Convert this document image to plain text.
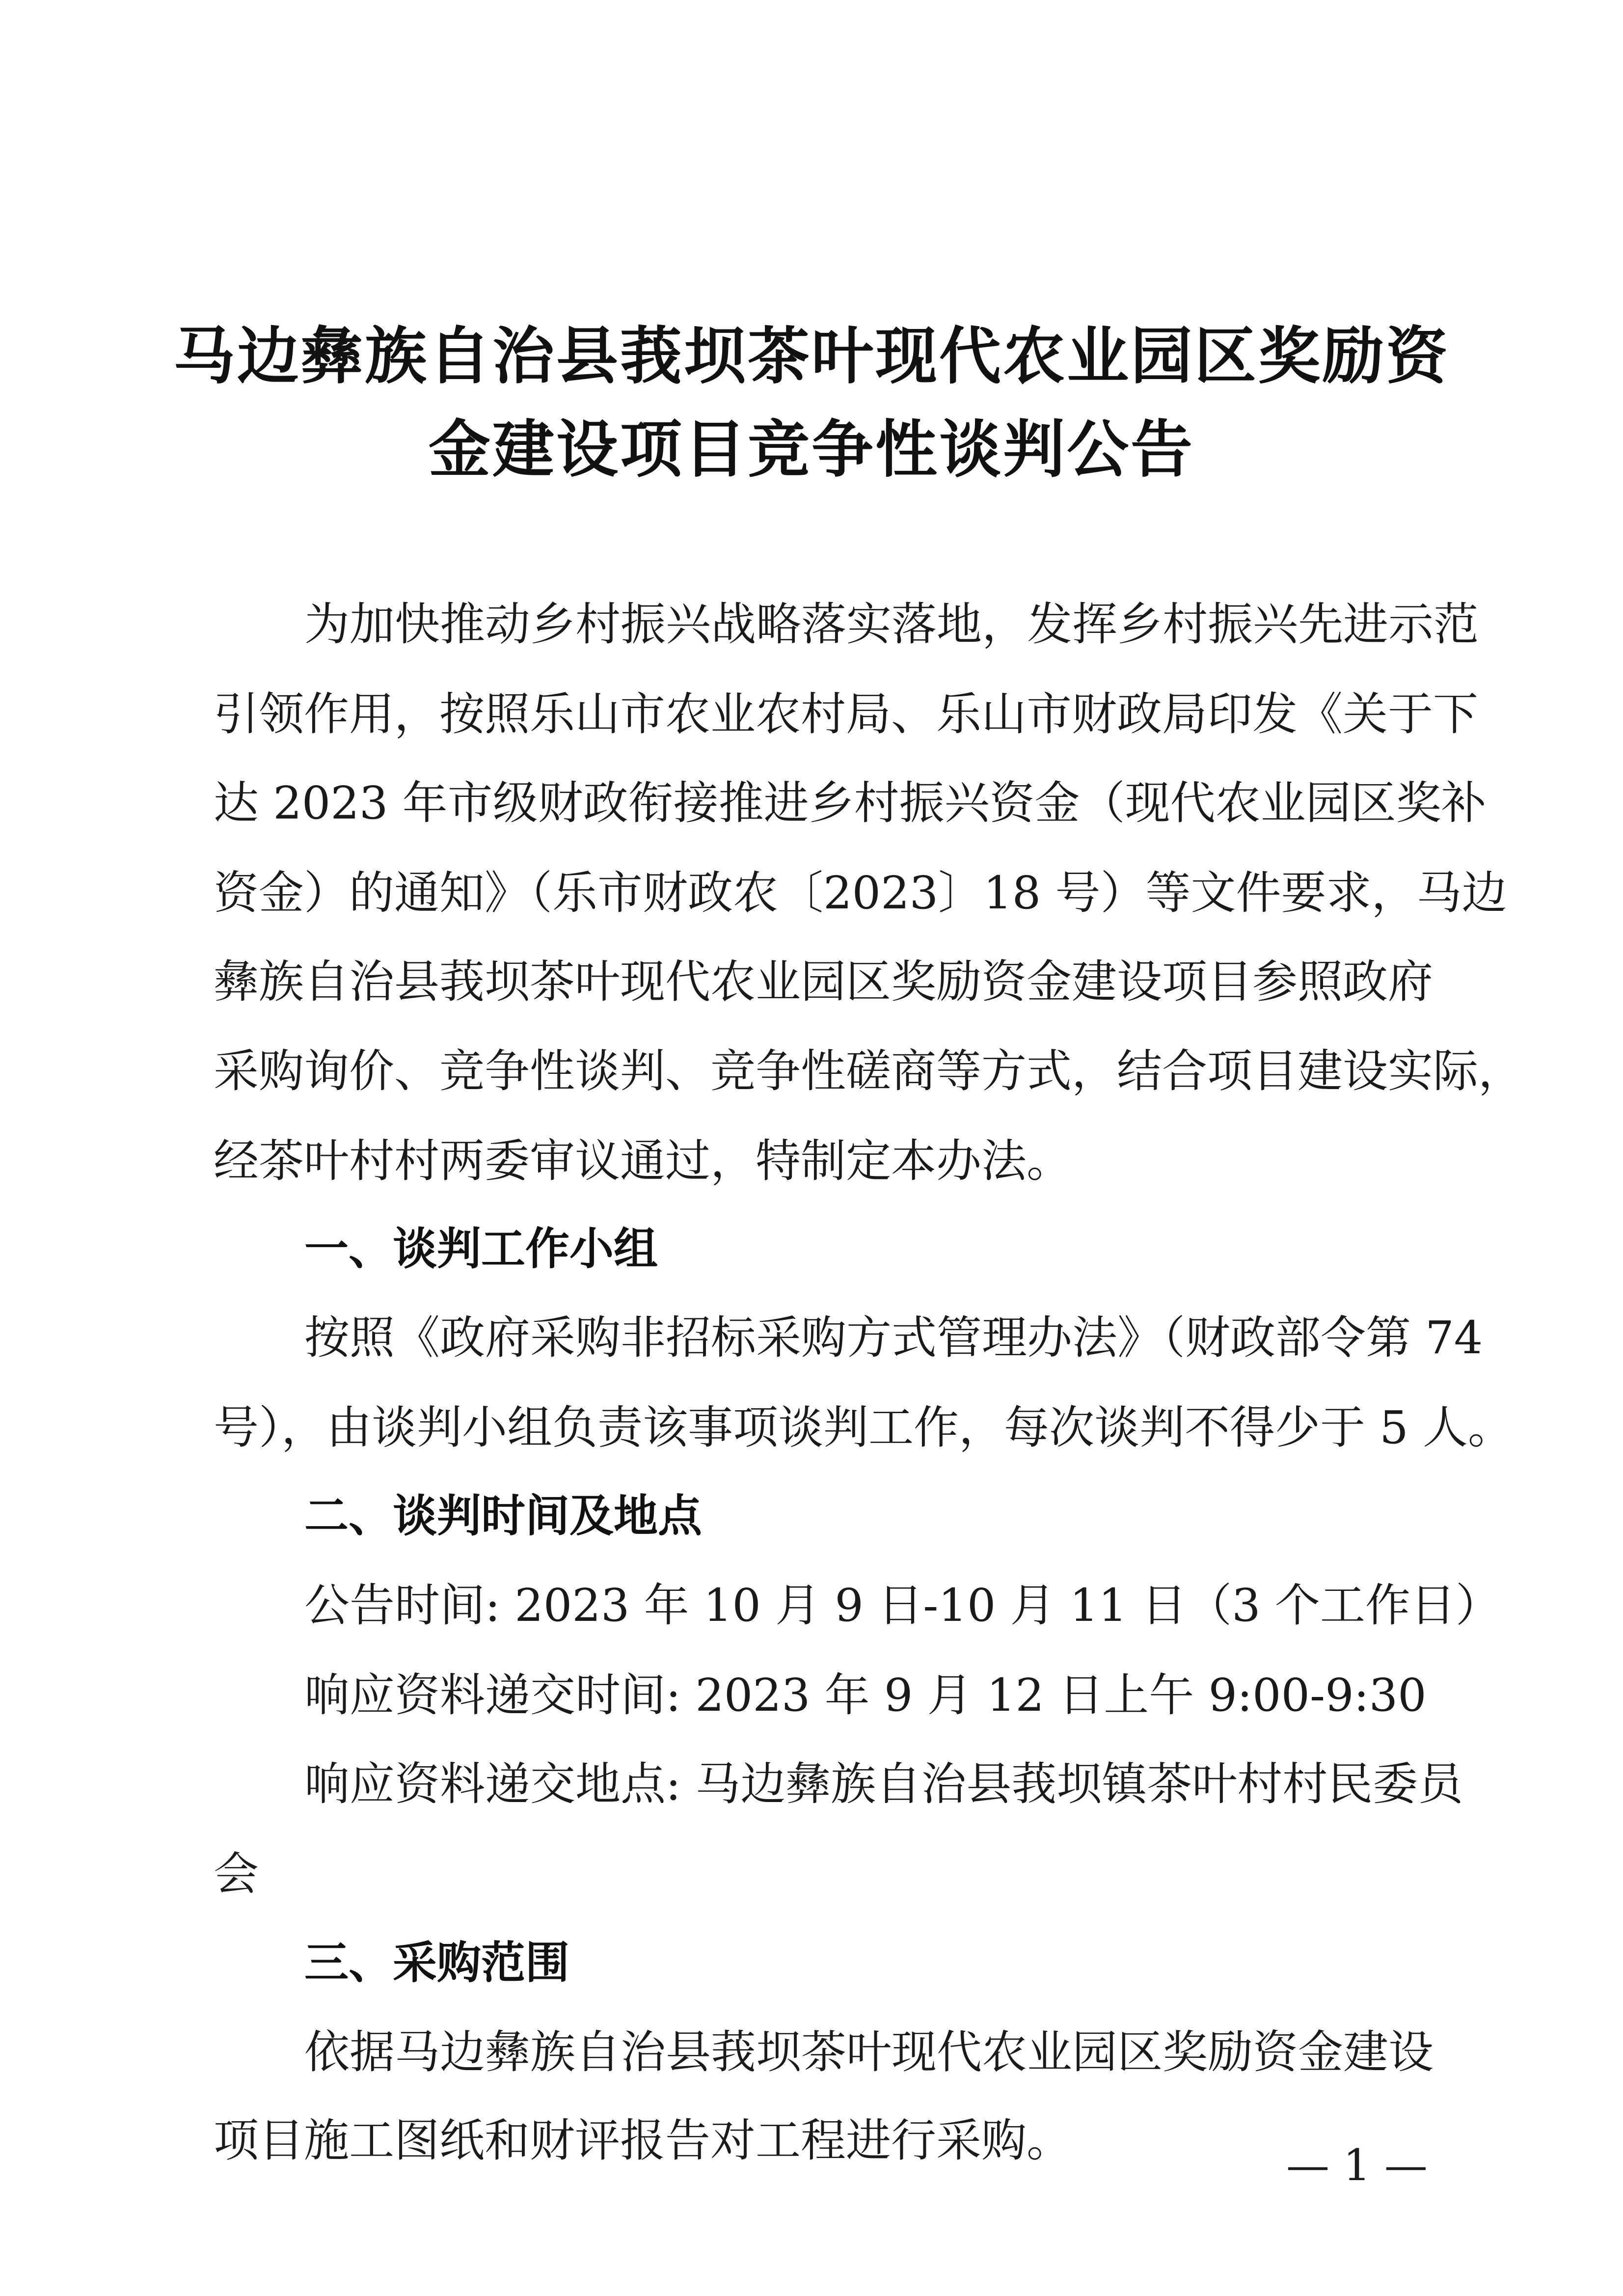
马边彝族自治县莪坝茶叶现代农业园区奖励资
金建设项目竞争性谈判公告
为加快推动乡村振兴战略落实落地，发挥乡村振兴先进示范
引领作用，按照乐山市农业农村局、乐山市财政局印发《关于下
达 2023 年市级财政衔接推进乡村振兴资金（现代农业园区奖补
资金）的通知》（乐市财政农〔2023〕18 号）等文件要求，马边
彝族自治县莪坝茶叶现代农业园区奖励资金建设项目参照政府
采购询价、竞争性谈判、竞争性磋商等方式，结合项目建设实际，
经茶叶村村两委审议通过，特制定本办法。
一、谈判工作小组
按照《政府采购非招标采购方式管理办法》（财政部令第 74
号），由谈判小组负责该事项谈判工作，每次谈判不得少于 5 人。
二、谈判时间及地点
公告时间: 2023 年 10 月 9 日-10 月 11 日（3 个工作日）
响应资料递交时间: 2023 年 9 月 12 日上午 9:00-9:30
响应资料递交地点: 马边彝族自治县莪坝镇茶叶村村民委员
会
三、采购范围
依据马边彝族自治县莪坝茶叶现代农业园区奖励资金建设
项目施工图纸和财评报告对工程进行采购。	— 1 —
